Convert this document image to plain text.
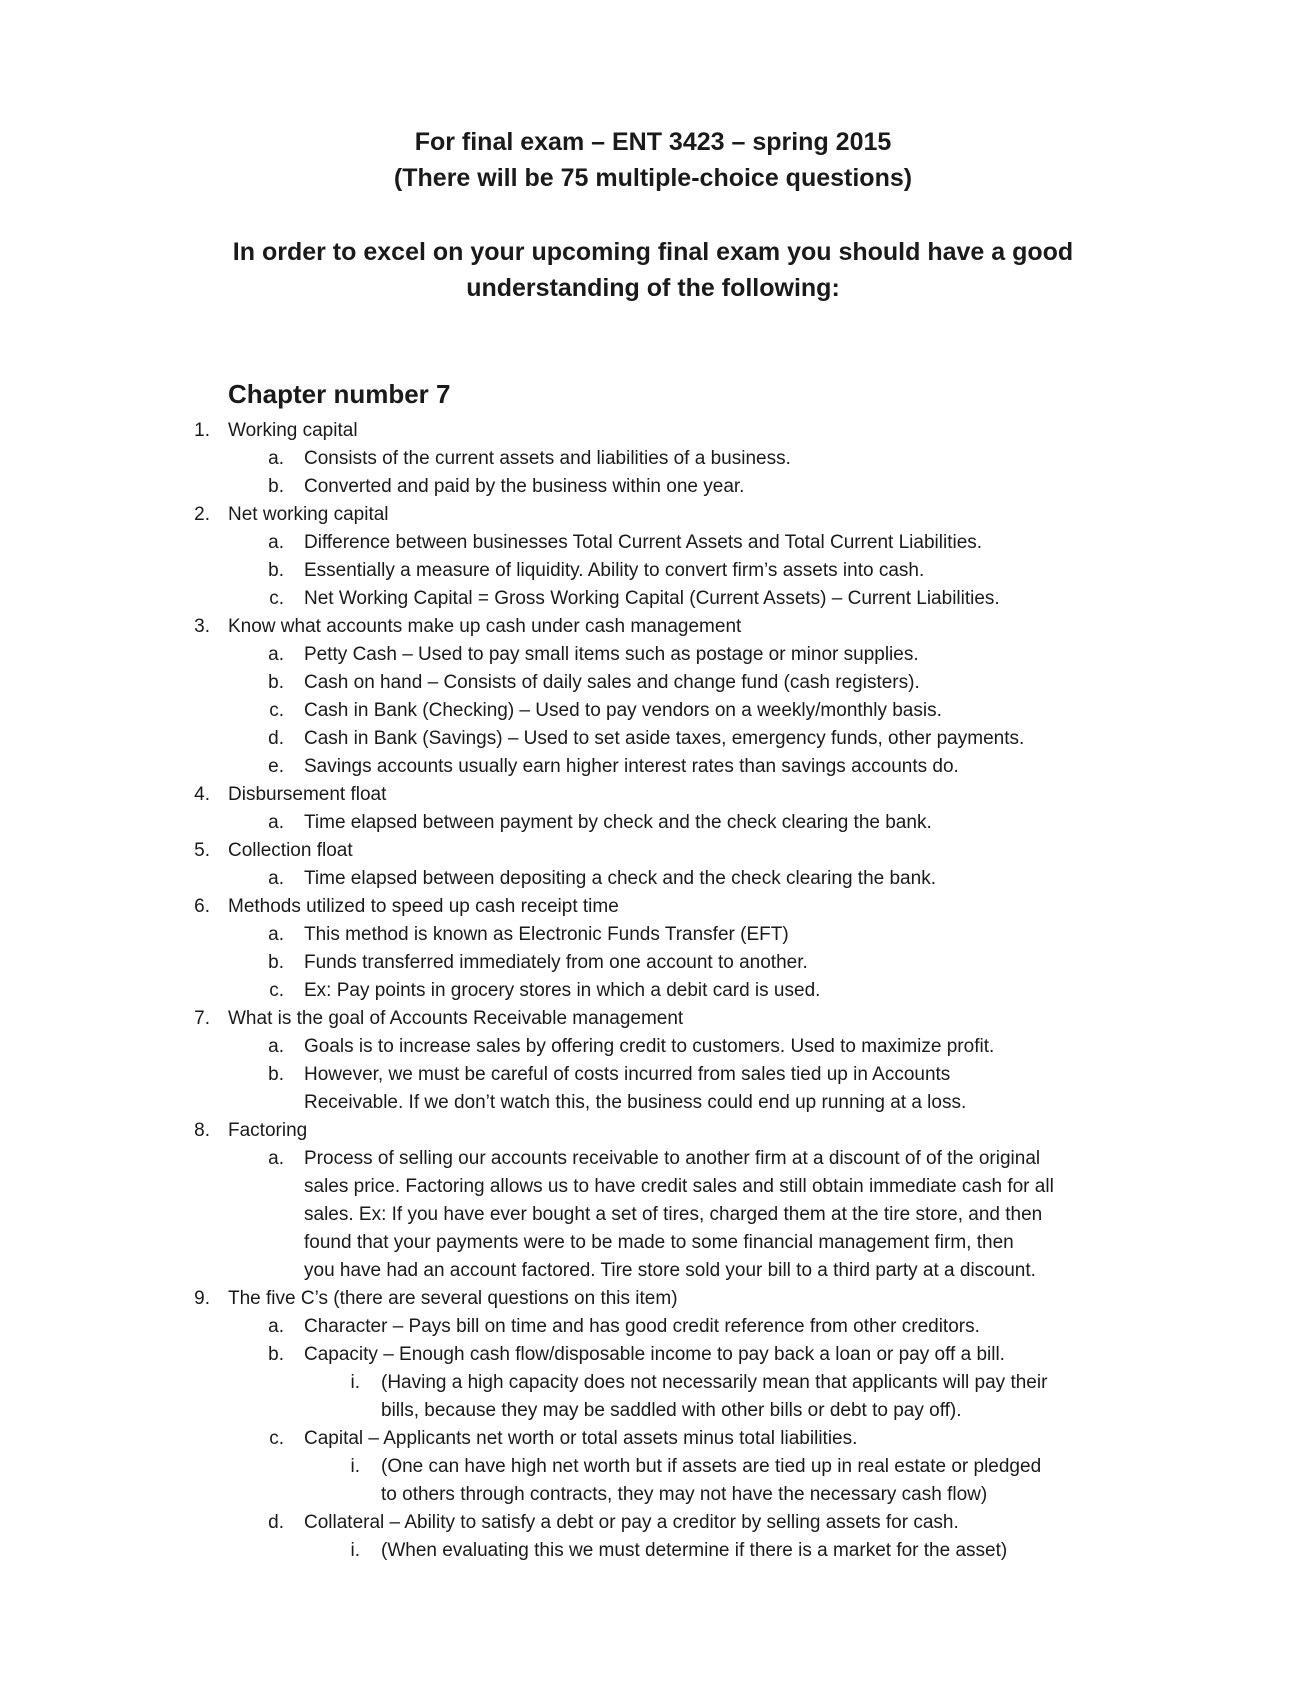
For final exam – ENT 3423 – spring 2015
(There will be 75 multiple-choice questions)
In order to excel on your upcoming final exam you should have a good
understanding of the following:
Chapter number 7
1. Working capital
a. Consists of the current assets and liabilities of a business.
b. Converted and paid by the business within one year.
2. Net working capital
a. Difference between businesses Total Current Assets and Total Current Liabilities.
b. Essentially a measure of liquidity. Ability to convert firm’s assets into cash.
c. Net Working Capital = Gross Working Capital (Current Assets) – Current Liabilities.
3. Know what accounts make up cash under cash management
a. Petty Cash – Used to pay small items such as postage or minor supplies.
b. Cash on hand – Consists of daily sales and change fund (cash registers).
c. Cash in Bank (Checking) – Used to pay vendors on a weekly/monthly basis.
d. Cash in Bank (Savings) – Used to set aside taxes, emergency funds, other payments.
e. Savings accounts usually earn higher interest rates than savings accounts do.
4. Disbursement float
a. Time elapsed between payment by check and the check clearing the bank.
5. Collection float
a. Time elapsed between depositing a check and the check clearing the bank.
6. Methods utilized to speed up cash receipt time
a. This method is known as Electronic Funds Transfer (EFT)
b. Funds transferred immediately from one account to another.
c. Ex: Pay points in grocery stores in which a debit card is used.
7. What is the goal of Accounts Receivable management
a. Goals is to increase sales by offering credit to customers. Used to maximize profit.
b. However, we must be careful of costs incurred from sales tied up in Accounts
Receivable. If we don’t watch this, the business could end up running at a loss.
8. Factoring
a. Process of selling our accounts receivable to another firm at a discount of of the original
sales price. Factoring allows us to have credit sales and still obtain immediate cash for all
sales. Ex: If you have ever bought a set of tires, charged them at the tire store, and then
found that your payments were to be made to some financial management firm, then
you have had an account factored. Tire store sold your bill to a third party at a discount.
9. The five C’s (there are several questions on this item)
a. Character – Pays bill on time and has good credit reference from other creditors.
b. Capacity – Enough cash flow/disposable income to pay back a loan or pay off a bill.
i. (Having a high capacity does not necessarily mean that applicants will pay their
bills, because they may be saddled with other bills or debt to pay off).
c. Capital – Applicants net worth or total assets minus total liabilities.
i. (One can have high net worth but if assets are tied up in real estate or pledged
to others through contracts, they may not have the necessary cash flow)
d. Collateral – Ability to satisfy a debt or pay a creditor by selling assets for cash.
i. (When evaluating this we must determine if there is a market for the asset)
